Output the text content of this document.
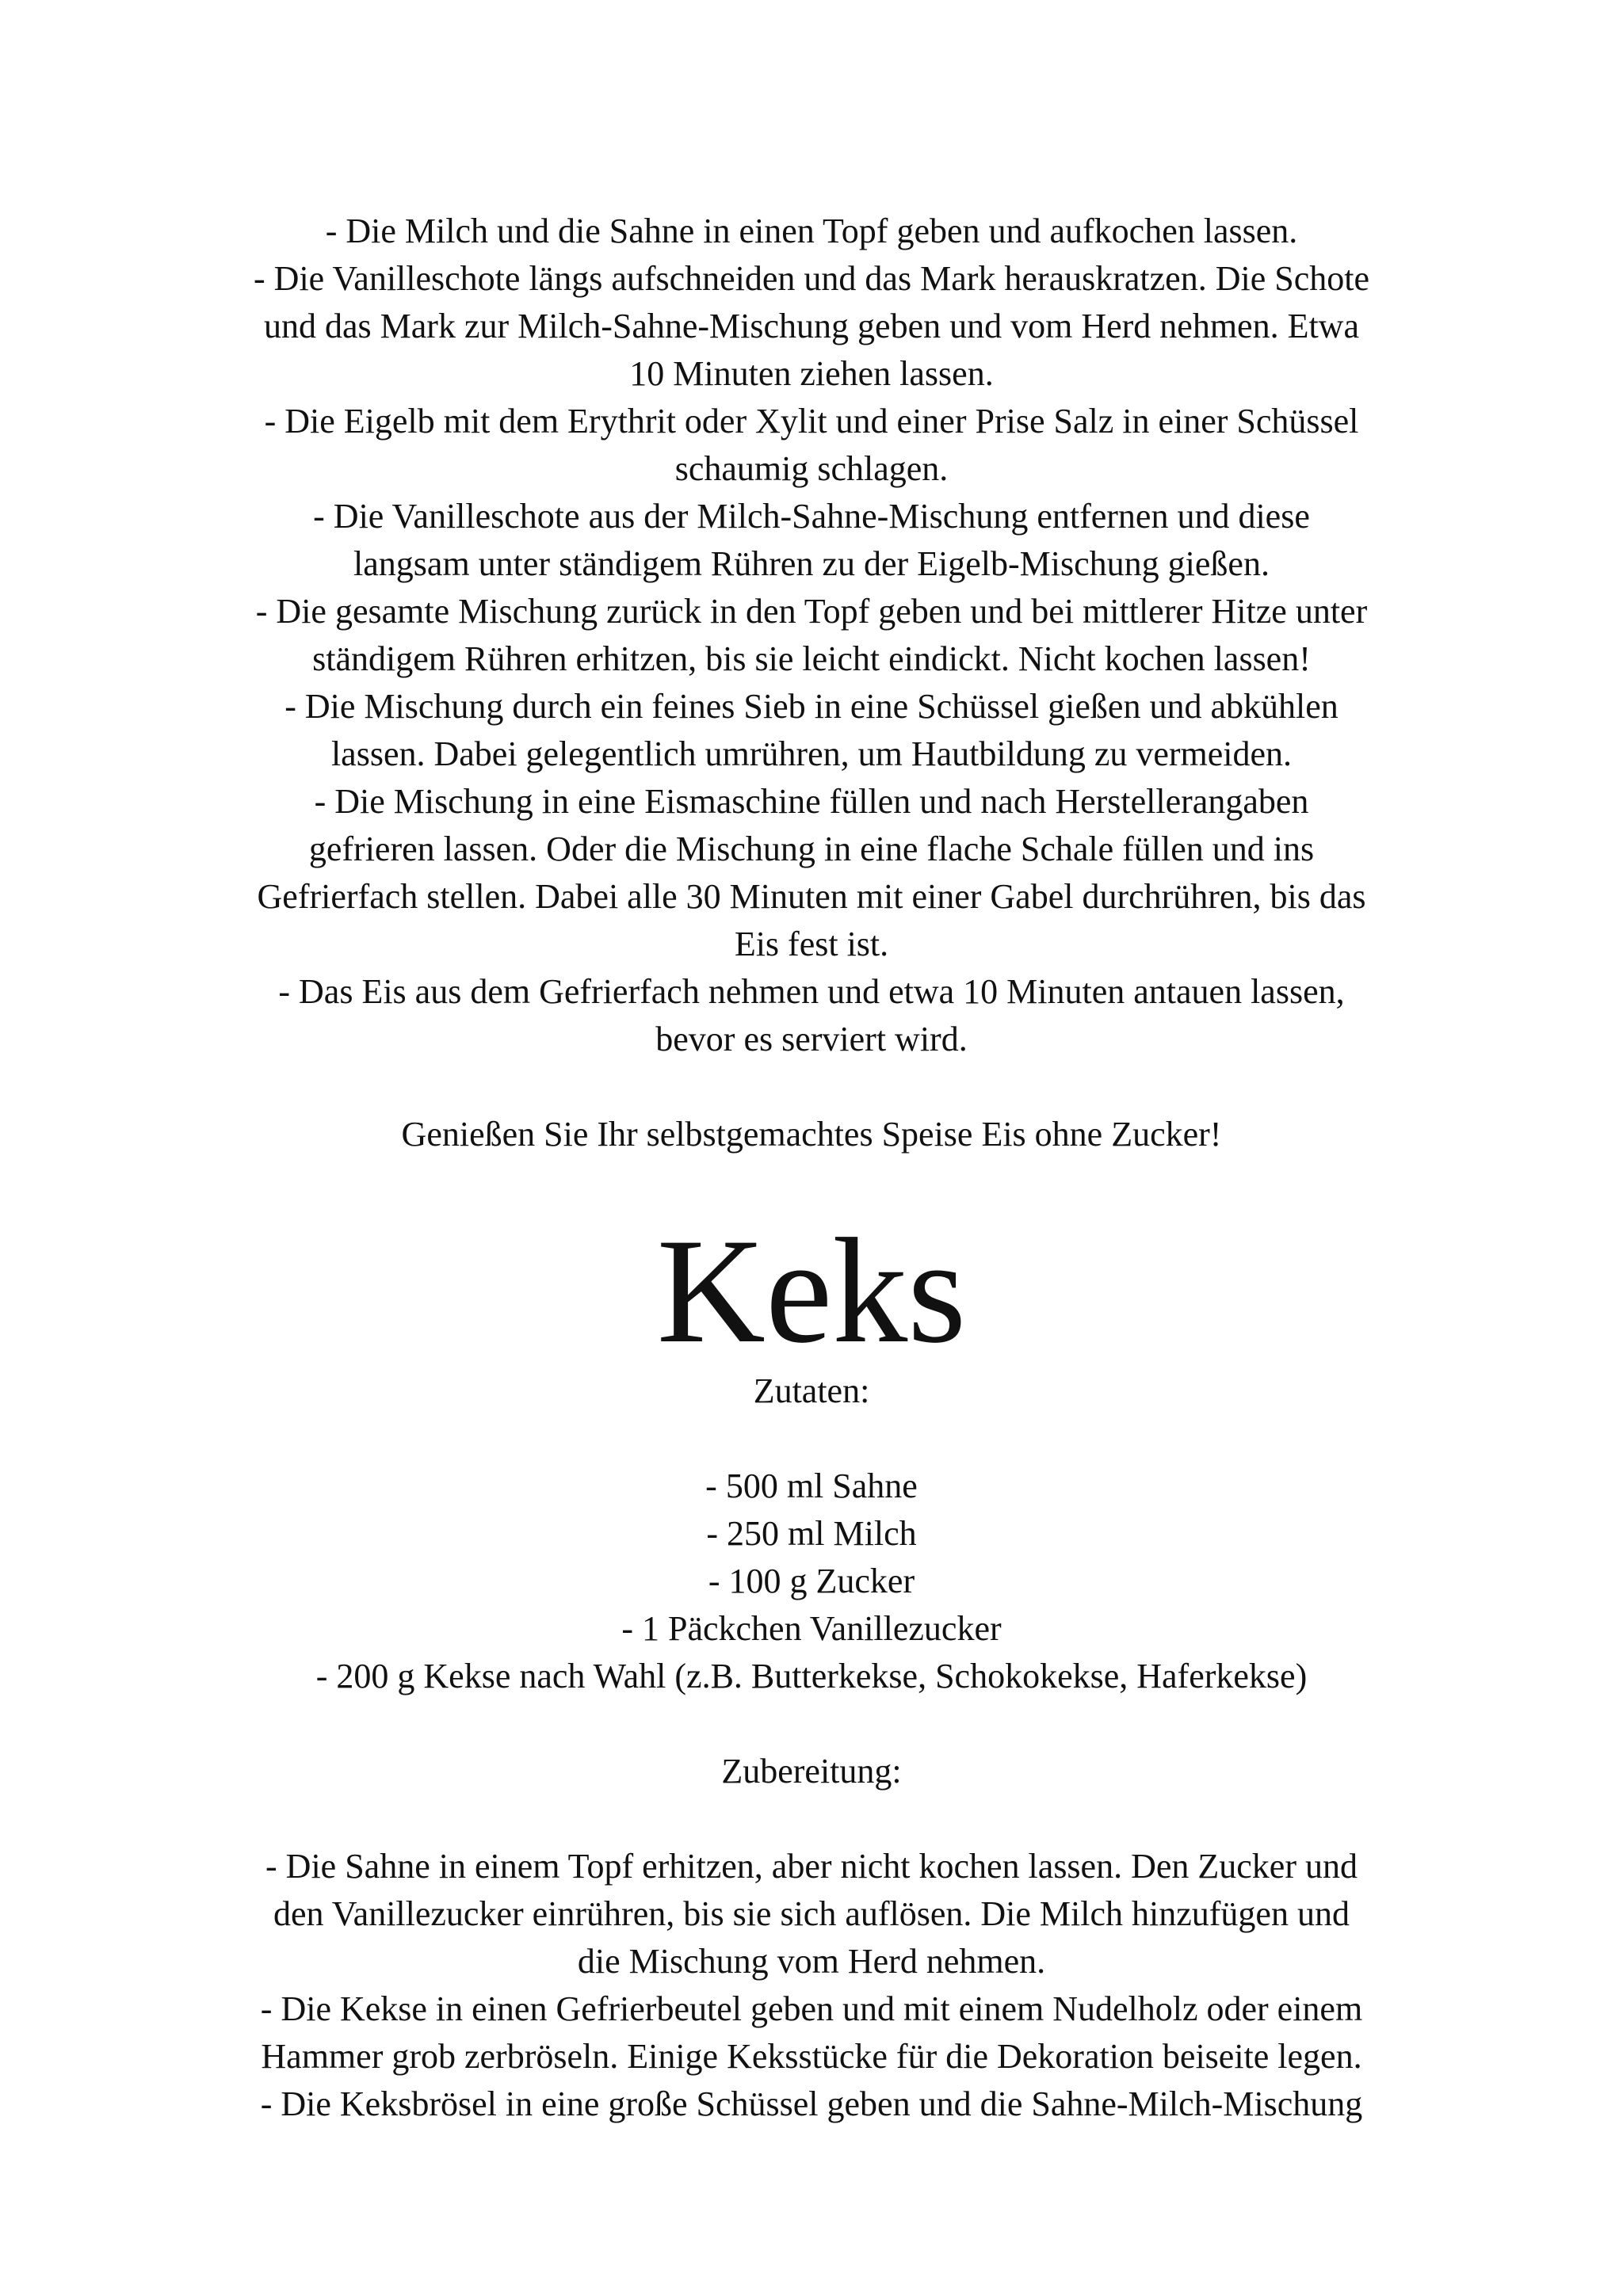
- Die Milch und die Sahne in einen Topf geben und aufkochen lassen.
- Die Vanilleschote längs aufschneiden und das Mark herauskratzen. Die Schote
und das Mark zur Milch-Sahne-Mischung geben und vom Herd nehmen. Etwa
10 Minuten ziehen lassen.
- Die Eigelb mit dem Erythrit oder Xylit und einer Prise Salz in einer Schüssel
schaumig schlagen.
- Die Vanilleschote aus der Milch-Sahne-Mischung entfernen und diese
langsam unter ständigem Rühren zu der Eigelb-Mischung gießen.
- Die gesamte Mischung zurück in den Topf geben und bei mittlerer Hitze unter
ständigem Rühren erhitzen, bis sie leicht eindickt. Nicht kochen lassen!
- Die Mischung durch ein feines Sieb in eine Schüssel gießen und abkühlen
lassen. Dabei gelegentlich umrühren, um Hautbildung zu vermeiden.
- Die Mischung in eine Eismaschine füllen und nach Herstellerangaben
gefrieren lassen. Oder die Mischung in eine flache Schale füllen und ins
Gefrierfach stellen. Dabei alle 30 Minuten mit einer Gabel durchrühren, bis das
Eis fest ist.
- Das Eis aus dem Gefrierfach nehmen und etwa 10 Minuten antauen lassen,
bevor es serviert wird.
Genießen Sie Ihr selbstgemachtes Speise Eis ohne Zucker!
Keks
Zutaten:

- 500 ml Sahne
- 250 ml Milch
- 100 g Zucker
- 1 Päckchen Vanillezucker
- 200 g Kekse nach Wahl (z.B. Butterkekse, Schokokekse, Haferkekse)

Zubereitung:

- Die Sahne in einem Topf erhitzen, aber nicht kochen lassen. Den Zucker und
den Vanillezucker einrühren, bis sie sich auflösen. Die Milch hinzufügen und
die Mischung vom Herd nehmen.
- Die Kekse in einen Gefrierbeutel geben und mit einem Nudelholz oder einem
Hammer grob zerbröseln. Einige Keksstücke für die Dekoration beiseite legen.
- Die Keksbrösel in eine große Schüssel geben und die Sahne-Milch-Mischung
